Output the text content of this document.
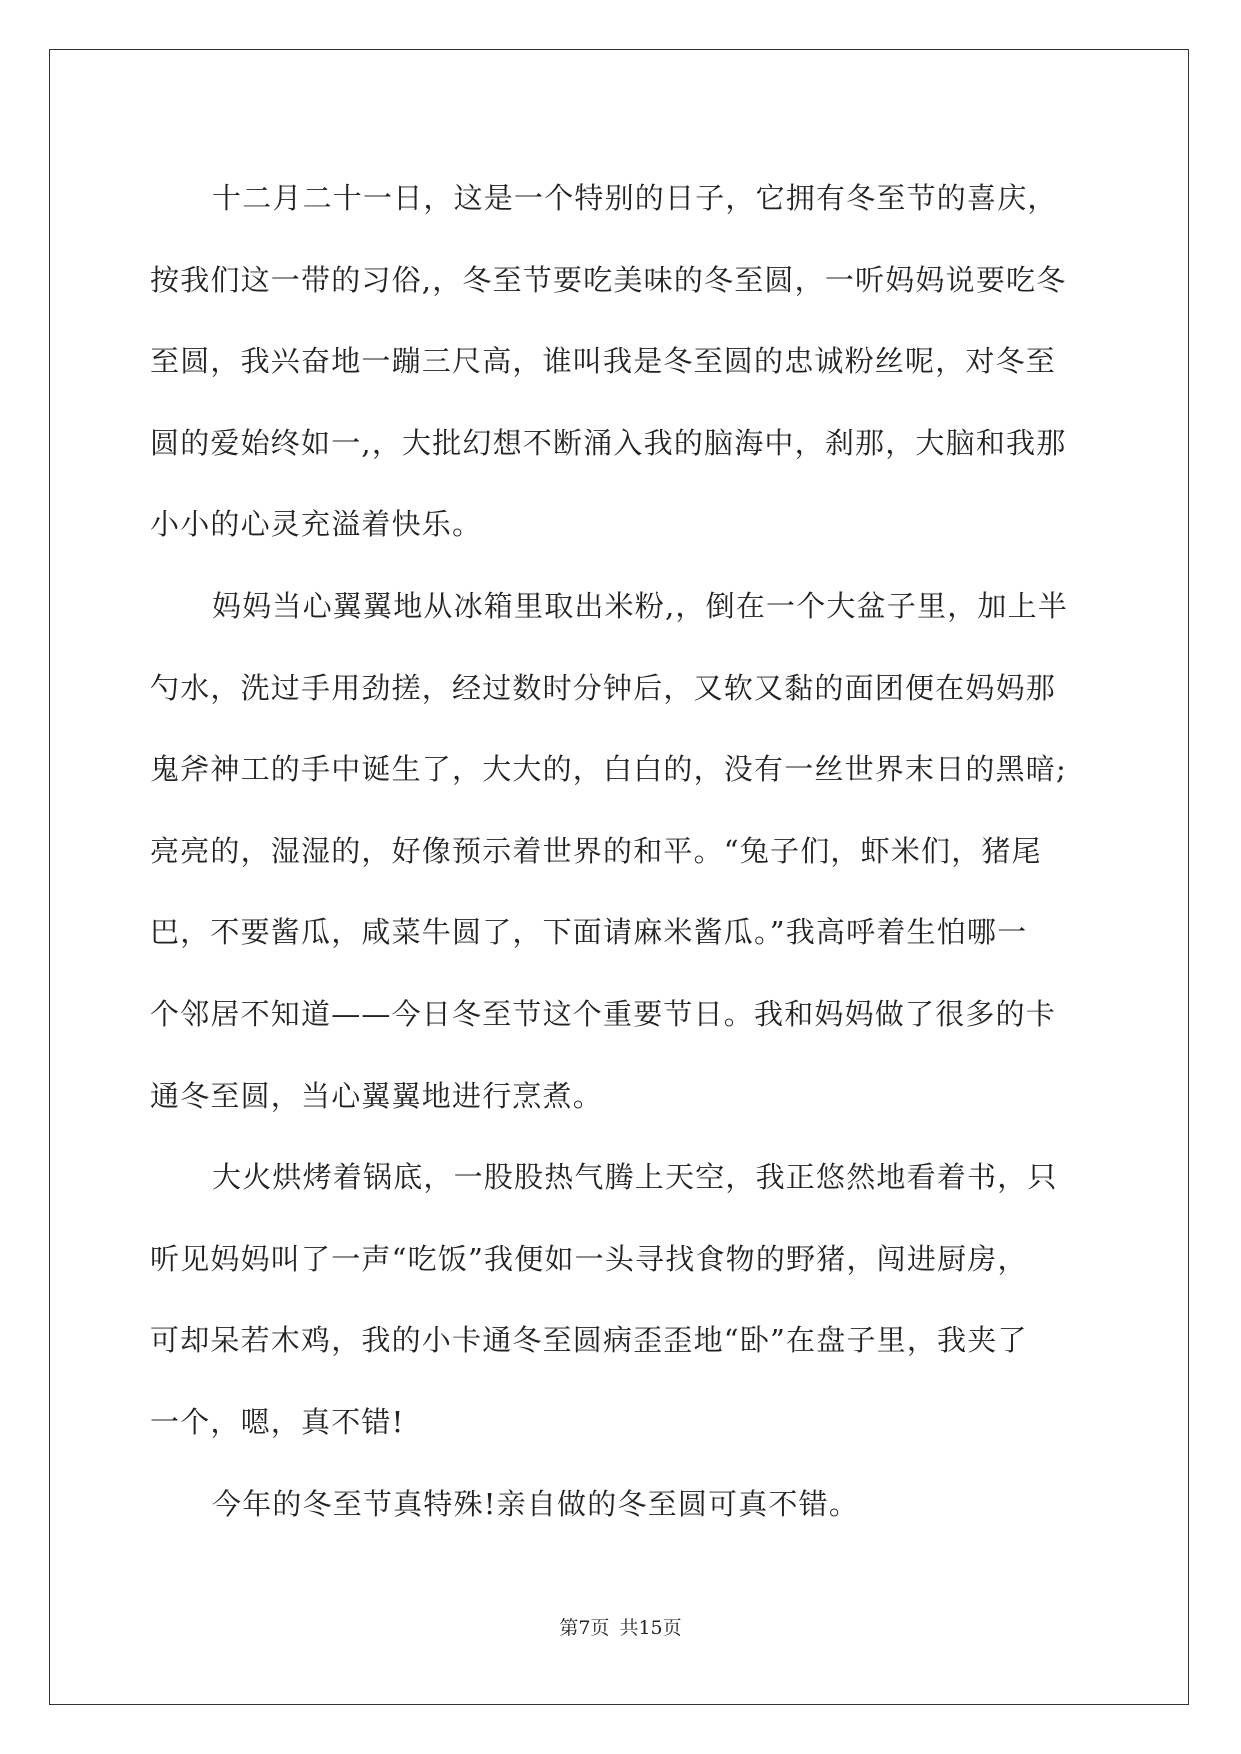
十二月二十一日，这是一个特别的日子，它拥有冬至节的喜庆，
按我们这一带的习俗,，冬至节要吃美味的冬至圆，一听妈妈说要吃冬
至圆，我兴奋地一蹦三尺高，谁叫我是冬至圆的忠诚粉丝呢，对冬至
圆的爱始终如一,，大批幻想不断涌入我的脑海中，刹那，大脑和我那
小小的心灵充溢着快乐。

妈妈当心翼翼地从冰箱里取出米粉,，倒在一个大盆子里，加上半
勺水，洗过手用劲搓，经过数时分钟后，又软又黏的面团便在妈妈那
鬼斧神工的手中诞生了，大大的，白白的，没有一丝世界末日的黑暗;
亮亮的，湿湿的，好像预示着世界的和平。“兔子们，虾米们，猪尾
巴，不要酱瓜，咸菜牛圆了，下面请麻米酱瓜。”我高呼着生怕哪一
个邻居不知道——今日冬至节这个重要节日。我和妈妈做了很多的卡
通冬至圆，当心翼翼地进行烹煮。

大火烘烤着锅底，一股股热气腾上天空，我正悠然地看着书，只
听见妈妈叫了一声“吃饭”我便如一头寻找食物的野猪，闯进厨房，
可却呆若木鸡，我的小卡通冬至圆病歪歪地“卧”在盘子里，我夹了
一个，嗯，真不错!

今年的冬至节真特殊!亲自做的冬至圆可真不错。

第7页 共15页
